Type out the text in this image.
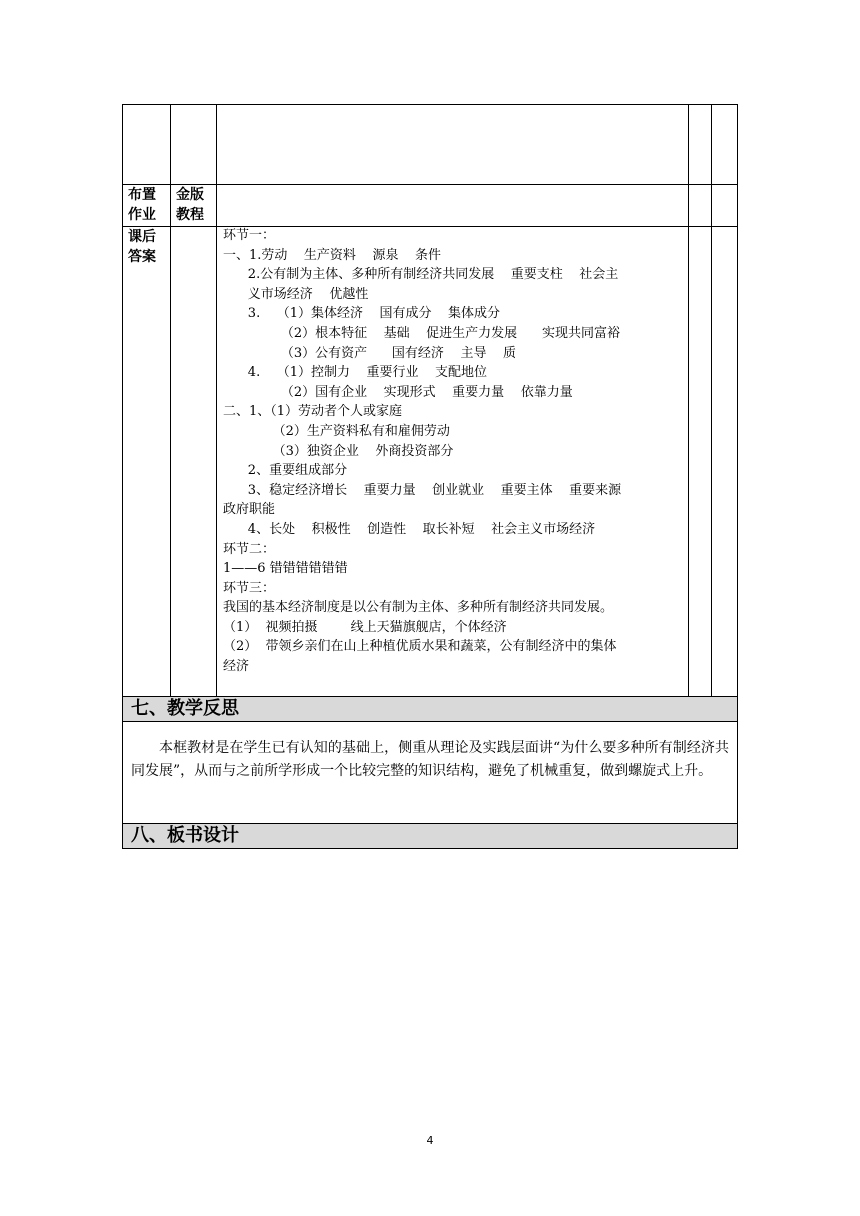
布置
作业
金版
教程
课后
答案
环节一：
一、1.劳动    生产资料    源泉    条件
2.公有制为主体、多种所有制经济共同发展    重要支柱    社会主
义市场经济    优越性
3.    （1）集体经济    国有成分    集体成分
（2）根本特征    基础    促进生产力发展      实现共同富裕
（3）公有资产      国有经济    主导    质
4.    （1）控制力    重要行业    支配地位
（2）国有企业    实现形式    重要力量    依靠力量
二、1、（1）劳动者个人或家庭
（2）生产资料私有和雇佣劳动
（3）独资企业    外商投资部分
2、重要组成部分
3、稳定经济增长    重要力量    创业就业    重要主体    重要来源
政府职能
4、长处    积极性    创造性    取长补短    社会主义市场经济
环节二：
1——6 错错错错错错
环节三：
我国的基本经济制度是以公有制为主体、多种所有制经济共同发展。
（1）  视频拍摄        线上天猫旗舰店，个体经济
（2）  带领乡亲们在山上种植优质水果和蔬菜，公有制经济中的集体
经济
七、教学反思
本框教材是在学生已有认知的基础上，侧重从理论及实践层面讲“为什么要多种所有制经济共同发展”，从而与之前所学形成一个比较完整的知识结构，避免了机械重复，做到螺旋式上升。
八、板书设计
4
